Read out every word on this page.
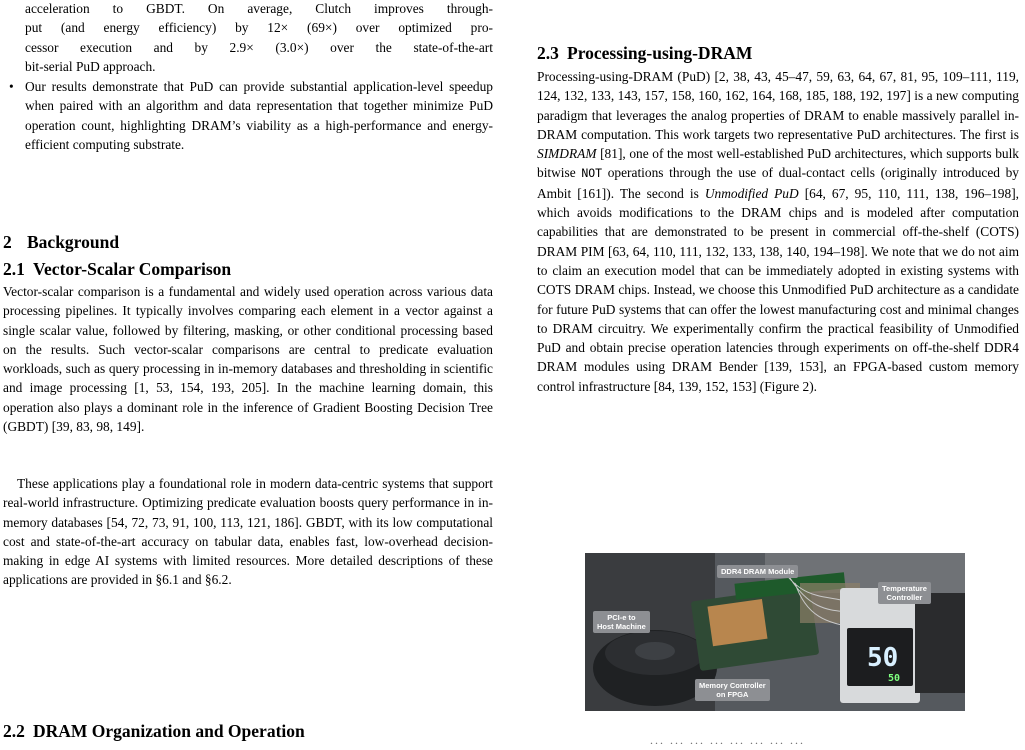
acceleration to GBDT. On average, Clutch improves through-
put (and energy efficiency) by 12× (69×) over optimized pro-
cessor execution and by 2.9× (3.0×) over the state-of-the-art
bit-serial PuD approach.
• Our results demonstrate that PuD can provide substantial application-level speedup when paired with an algorithm and data representation that together minimize PuD operation count, highlighting DRAM’s viability as a high-performance and energy-efficient computing substrate.
2 Background
2.1 Vector-Scalar Comparison

Vector-scalar comparison is a fundamental and widely used operation across various data processing pipelines. It typically involves comparing each element in a vector against a single scalar value, followed by filtering, masking, or other conditional processing based on the results. Such vector-scalar comparisons are central to predicate evaluation workloads, such as query processing in in-memory databases and thresholding in scientific and image processing [1, 53, 154, 193, 205]. In the machine learning domain, this operation also plays a dominant role in the inference of Gradient Boosting Decision Tree (GBDT) [39, 83, 98, 149].

These applications play a foundational role in modern data-centric systems that support real-world infrastructure. Optimizing predicate evaluation boosts query performance in in-memory databases [54, 72, 73, 91, 100, 113, 121, 186]. GBDT, with its low computational cost and state-of-the-art accuracy on tabular data, enables fast, low-overhead decision-making in edge AI systems with limited resources. More detailed descriptions of these applications are provided in §6.1 and §6.2.

2.2 DRAM Organization and Operation
2.3 Processing-using-DRAM

Processing-using-DRAM (PuD) [2, 38, 43, 45–47, 59, 63, 64, 67, 81, 95, 109–111, 119, 124, 132, 133, 143, 157, 158, 160, 162, 164, 168, 185, 188, 192, 197] is a new computing paradigm that leverages the analog properties of DRAM to enable massively parallel in-DRAM computation. This work targets two representative PuD architectures. The first is SIMDRAM [81], one of the most well-established PuD architectures, which supports bulk bitwise NOT operations through the use of dual-contact cells (originally introduced by Ambit [161]). The second is Unmodified PuD [64, 67, 95, 110, 111, 138, 196–198], which avoids modifications to the DRAM chips and is modeled after computation capabilities that are demonstrated to be present in commercial off-the-shelf (COTS) DRAM PIM [63, 64, 110, 111, 132, 133, 138, 140, 194–198]. We note that we do not aim to claim an execution model that can be immediately adopted in existing systems with COTS DRAM chips. Instead, we choose this Unmodified PuD architecture as a candidate for future PuD systems that can offer the lowest manufacturing cost and minimal changes to DRAM circuitry. We experimentally confirm the practical feasibility of Unmodified PuD and obtain precise operation latencies through experiments on off-the-shelf DDR4 DRAM modules using DRAM Bender [139, 153], an FPGA-based custom memory control infrastructure [84, 139, 152, 153] (Figure 2).

50
50
DDR4 DRAM Module
Temperature
Controller
PCI-e to
Host Machine
Memory Controller
on FPGA
... ... ... ... ... ... ... ...
